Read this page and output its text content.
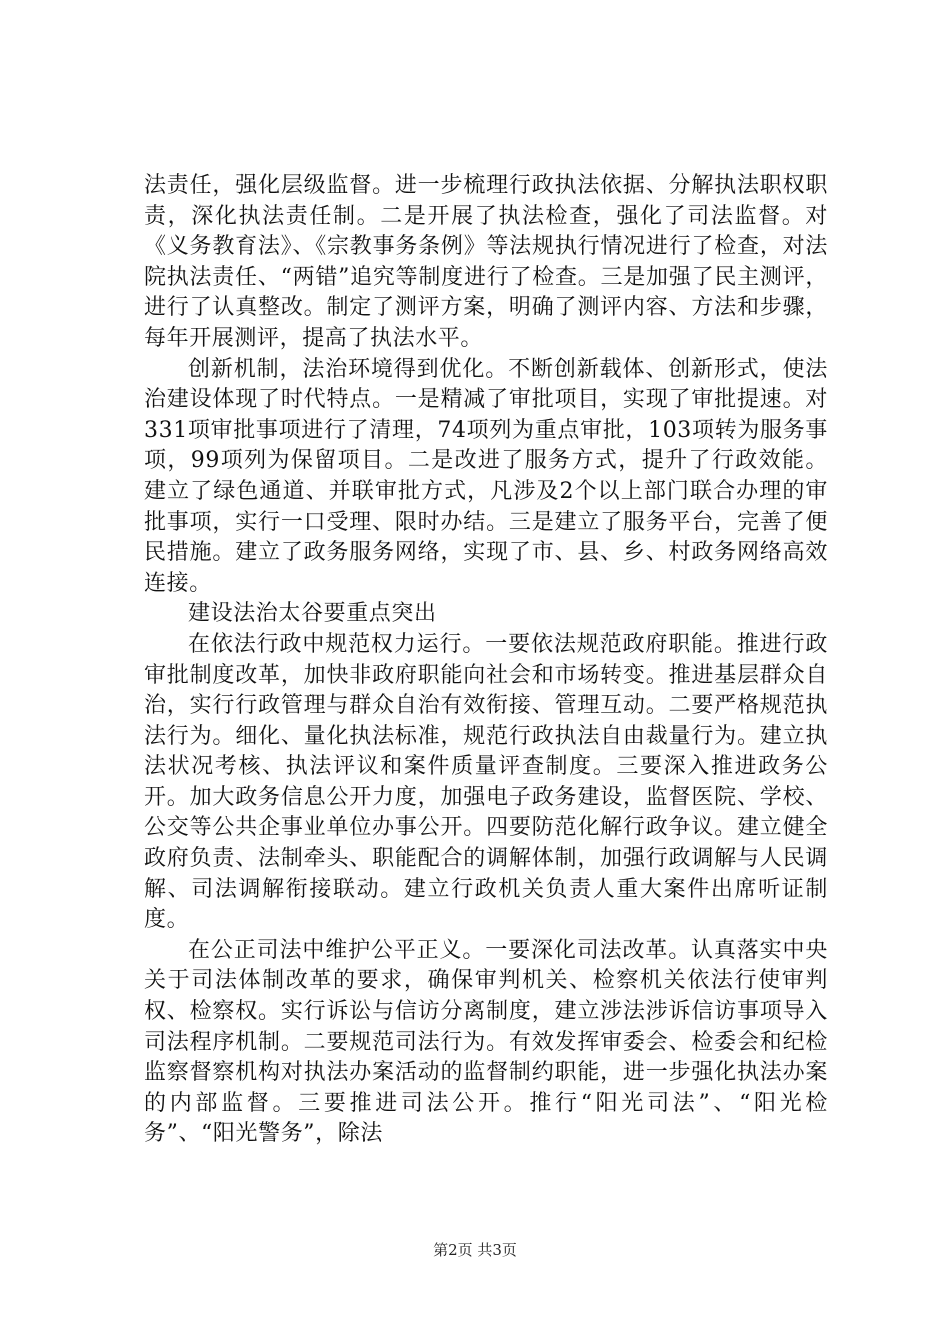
法责任，强化层级监督。进一步梳理行政执法依据、分解执法职权职责，深化执法责任制。二是开展了执法检查，强化了司法监督。对《义务教育法》、《宗教事务条例》等法规执行情况进行了检查，对法院执法责任、“两错”追究等制度进行了检查。三是加强了民主测评，进行了认真整改。制定了测评方案，明确了测评内容、方法和步骤，每年开展测评，提高了执法水平。

创新机制，法治环境得到优化。不断创新载体、创新形式，使法治建设体现了时代特点。一是精减了审批项目，实现了审批提速。对331项审批事项进行了清理，74项列为重点审批，103项转为服务事项，99项列为保留项目。二是改进了服务方式，提升了行政效能。建立了绿色通道、并联审批方式，凡涉及2个以上部门联合办理的审批事项，实行一口受理、限时办结。三是建立了服务平台，完善了便民措施。建立了政务服务网络，实现了市、县、乡、村政务网络高效连接。

建设法治太谷要重点突出

在依法行政中规范权力运行。一要依法规范政府职能。推进行政审批制度改革，加快非政府职能向社会和市场转变。推进基层群众自治，实行行政管理与群众自治有效衔接、管理互动。二要严格规范执法行为。细化、量化执法标准，规范行政执法自由裁量行为。建立执法状况考核、执法评议和案件质量评查制度。三要深入推进政务公开。加大政务信息公开力度，加强电子政务建设，监督医院、学校、公交等公共企事业单位办事公开。四要防范化解行政争议。建立健全政府负责、法制牵头、职能配合的调解体制，加强行政调解与人民调解、司法调解衔接联动。建立行政机关负责人重大案件出席听证制度。

在公正司法中维护公平正义。一要深化司法改革。认真落实中央关于司法体制改革的要求，确保审判机关、检察机关依法行使审判权、检察权。实行诉讼与信访分离制度，建立涉法涉诉信访事项导入司法程序机制。二要规范司法行为。有效发挥审委会、检委会和纪检监察督察机构对执法办案活动的监督制约职能，进一步强化执法办案的内部监督。三要推进司法公开。推行“阳光司法”、“阳光检务”、“阳光警务”，除法

第2页 共3页
